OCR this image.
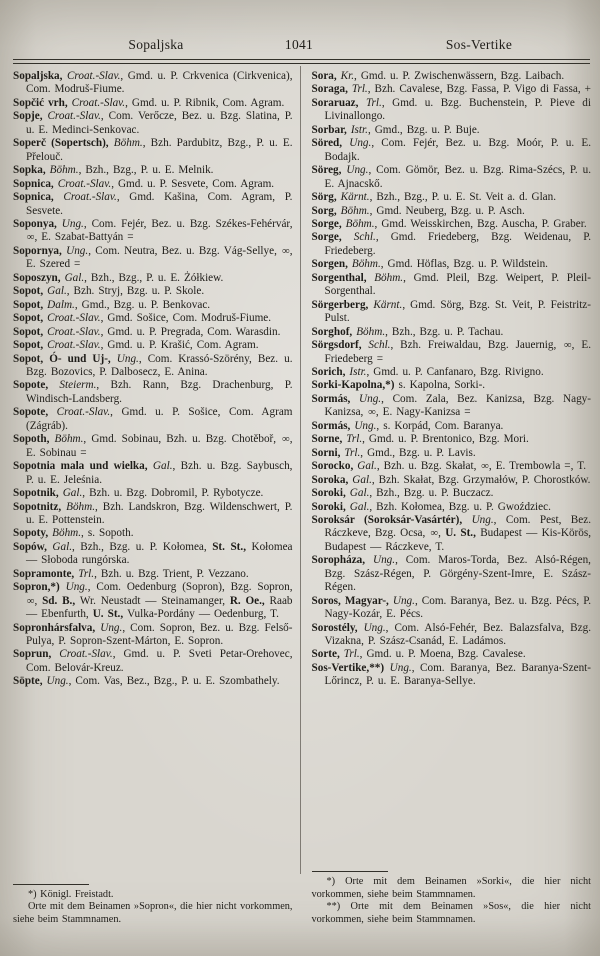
Sopaljska	1041	Sos-Vertike

Sopaljska, Croat.-Slav., Gmd. u. P. Crkvenica (Cirkvenica), Com. Modruš-Fiume.

Sopčić vrh, Croat.-Slav., Gmd. u. P. Ribnik, Com. Agram.

Sopje, Croat.-Slav., Com. Verőcze, Bez. u. Bzg. Slatina, P. u. E. Medinci-Senkovac.

Soperč (Sopertsch), Böhm., Bzh. Pardubitz, Bzg., P. u. E. Přelouč.

Sopka, Böhm., Bzh., Bzg., P. u. E. Melnik.

Sopnica, Croat.-Slav., Gmd. u. P. Sesvete, Com. Agram.

Sopnica, Croat.-Slav., Gmd. Kašina, Com. Agram, P. Sesvete.

Soponya, Ung., Com. Fejér, Bez. u. Bzg. Székes-Fehérvár, ∞, E. Szabat-Battyán =

Sopornya, Ung., Com. Neutra, Bez. u. Bzg. Vág-Sellye, ∞, E. Szered =

Soposzyn, Gal., Bzh., Bzg., P. u. E. Żółkiew.

Sopot, Gal., Bzh. Stryj, Bzg. u. P. Skole.

Sopot, Dalm., Gmd., Bzg. u. P. Benkovac.

Sopot, Croat.-Slav., Gmd. Sošice, Com. Modruš-Fiume.

Sopot, Croat.-Slav., Gmd. u. P. Pregrada, Com. Warasdin.

Sopot, Croat.-Slav., Gmd. u. P. Krašić, Com. Agram.

Sopot, Ó- und Uj-, Ung., Com. Krassó-Szörény, Bez. u. Bzg. Bozovics, P. Dalbosecz, E. Anina.

Sopote, Steierm., Bzh. Rann, Bzg. Drachenburg, P. Windisch-Landsberg.

Sopote, Croat.-Slav., Gmd. u. P. Sošice, Com. Agram (Zágráb).

Sopoth, Böhm., Gmd. Sobinau, Bzh. u. Bzg. Chotěboř, ∞, E. Sobinau =

Sopotnia mala und wielka, Gal., Bzh. u. Bzg. Saybusch, P. u. E. Jeleśnia.

Sopotnik, Gal., Bzh. u. Bzg. Dobromil, P. Rybotycze.

Sopotnitz, Böhm., Bzh. Landskron, Bzg. Wildenschwert, P. u. E. Pottenstein.

Sopoty, Böhm., s. Sopoth.

Sopów, Gal., Bzh., Bzg. u. P. Kołomea, St. St., Kołomea — Słoboda rungórska.

Sopramonte, Trl., Bzh. u. Bzg. Trient, P. Vezzano.

Sopron,*) Ung., Com. Oedenburg (Sopron), Bzg. Sopron, ∞, Sd. B., Wr. Neustadt — Steinamanger, R. Oe., Raab — Ebenfurth, U. St., Vulka-Pordány — Oedenburg, T.

Sopronhársfalva, Ung., Com. Sopron, Bez. u. Bzg. Felső-Pulya, P. Sopron-Szent-Márton, E. Sopron.

Soprun, Croat.-Slav., Gmd. u. P. Sveti Petar-Orehovec, Com. Belovár-Kreuz.

Söpte, Ung., Com. Vas, Bez., Bzg., P. u. E. Szombathely.

*) Königl. Freistadt.

Orte mit dem Beinamen »Sopron«, die hier nicht vorkommen, siehe beim Stammnamen.

Sora, Kr., Gmd. u. P. Zwischenwässern, Bzg. Laibach.

Soraga, Trl., Bzh. Cavalese, Bzg. Fassa, P. Vigo di Fassa, +

Soraruaz, Trl., Gmd. u. Bzg. Buchenstein, P. Pieve di Livinallongo.

Sorbar, Istr., Gmd., Bzg. u. P. Buje.

Söred, Ung., Com. Fejér, Bez. u. Bzg. Moór, P. u. E. Bodajk.

Söreg, Ung., Com. Gömör, Bez. u. Bzg. Rima-Szécs, P. u. E. Ajnacskő.

Sörg, Kärnt., Bzh., Bzg., P. u. E. St. Veit a. d. Glan.

Sorg, Böhm., Gmd. Neuberg, Bzg. u. P. Asch.

Sorge, Böhm., Gmd. Weisskirchen, Bzg. Auscha, P. Graber.

Sorge, Schl., Gmd. Friedeberg, Bzg. Weidenau, P. Friedeberg.

Sorgen, Böhm., Gmd. Höflas, Bzg. u. P. Wildstein.

Sorgenthal, Böhm., Gmd. Pleil, Bzg. Weipert, P. Pleil-Sorgenthal.

Sörgerberg, Kärnt., Gmd. Sörg, Bzg. St. Veit, P. Feistritz-Pulst.

Sorghof, Böhm., Bzh., Bzg. u. P. Tachau.

Sörgsdorf, Schl., Bzh. Freiwaldau, Bzg. Jauernig, ∞, E. Friedeberg =

Sorich, Istr., Gmd. u. P. Canfanaro, Bzg. Rivigno.

Sorki-Kapolna,*) s. Kapolna, Sorki-.

Sormás, Ung., Com. Zala, Bez. Kanizsa, Bzg. Nagy-Kanizsa, ∞, E. Nagy-Kanizsa =

Sormás, Ung., s. Korpád, Com. Baranya.

Sorne, Trl., Gmd. u. P. Brentonico, Bzg. Mori.

Sorni, Trl., Gmd., Bzg. u. P. Lavis.

Sorocko, Gal., Bzh. u. Bzg. Skałat, ∞, E. Trembowla =, T.

Soroka, Gal., Bzh. Skałat, Bzg. Grzymałów, P. Chorostków.

Soroki, Gal., Bzh., Bzg. u. P. Buczacz.

Soroki, Gal., Bzh. Kołomea, Bzg. u. P. Gwoździec.

Soroksár (Soroksár-Vasártér), Ung., Com. Pest, Bez. Ráczkeve, Bzg. Ocsa, ∞, U. St., Budapest — Kis-Körös, Budapest — Ráczkeve, T.

Soropháza, Ung., Com. Maros-Torda, Bez. Alsó-Régen, Bzg. Szász-Régen, P. Görgény-Szent-Imre, E. Szász-Régen.

Soros, Magyar-, Ung., Com. Baranya, Bez. u. Bzg. Pécs, P. Nagy-Kozár, E. Pécs.

Sorostély, Ung., Com. Alsó-Fehér, Bez. Balazsfalva, Bzg. Vizakna, P. Szász-Csanád, E. Ladámos.

Sorte, Trl., Gmd. u. P. Moena, Bzg. Cavalese.

Sos-Vertike,**) Ung., Com. Baranya, Bez. Baranya-Szent-Lőrincz, P. u. E. Baranya-Sellye.

*) Orte mit dem Beinamen »Sorki«, die hier nicht vorkommen, siehe beim Stammnamen.

**) Orte mit dem Beinamen »Sos«, die hier nicht vorkommen, siehe beim Stammnamen.
